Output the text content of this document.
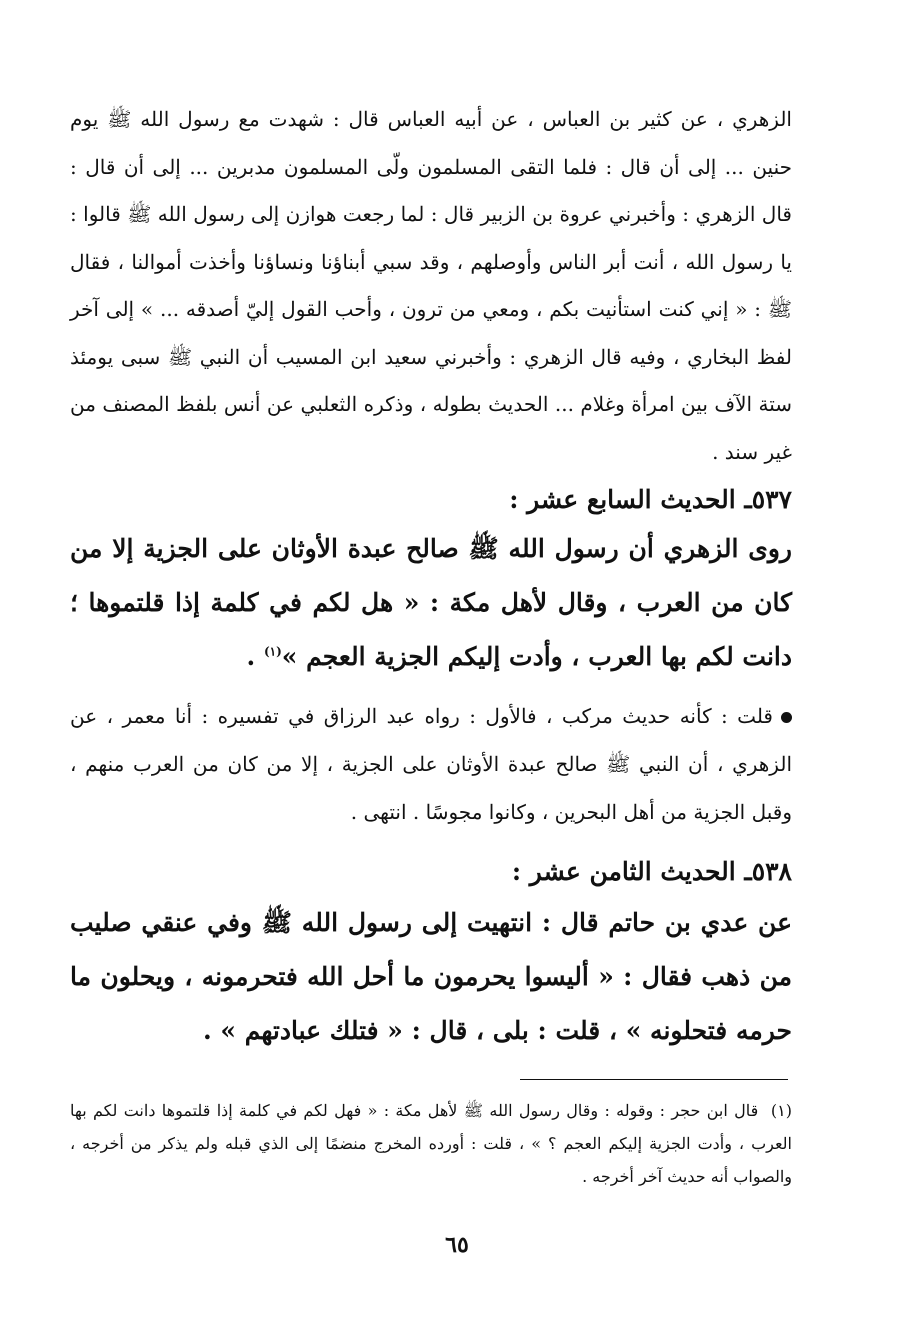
الزهري ، عن كثير بن العباس ، عن أبيه العباس قال : شهدت مع رسول الله ﷺ يوم حنين ... إلى أن قال : فلما التقى المسلمون ولّى المسلمون مدبرين ... إلى أن قال : قال الزهري : وأخبرني عروة بن الزبير قال : لما رجعت هوازن إلى رسول الله ﷺ قالوا : يا رسول الله ، أنت أبر الناس وأوصلهم ، وقد سبي أبناؤنا ونساؤنا وأخذت أموالنا ، فقال ﷺ : « إني كنت استأنيت بكم ، ومعي من ترون ، وأحب القول إليّ أصدقه ... » إلى آخر لفظ البخاري ، وفيه قال الزهري : وأخبرني سعيد ابن المسيب أن النبي ﷺ سبى يومئذ ستة الآف بين امرأة وغلام ... الحديث بطوله ، وذكره الثعلبي عن أنس بلفظ المصنف من غير سند .
٥٣٧ـ الحديث السابع عشر :
روى الزهري أن رسول الله ﷺ صالح عبدة الأوثان على الجزية إلا من كان من العرب ، وقال لأهل مكة : « هل لكم في كلمة إذا قلتموها ؛ دانت لكم بها العرب ، وأدت إليكم الجزية العجم »$^{(١)}$ .
قلت : كأنه حديث مركب ، فالأول : رواه عبد الرزاق في تفسيره : أنا معمر ، عن الزهري ، أن النبي ﷺ صالح عبدة الأوثان على الجزية ، إلا من كان من العرب منهم ، وقبل الجزية من أهل البحرين ، وكانوا مجوسًا . انتهى .
٥٣٨ـ الحديث الثامن عشر :
عن عدي بن حاتم قال : انتهيت إلى رسول الله ﷺ وفي عنقي صليب من ذهب فقال : « أليسوا يحرمون ما أحل الله فتحرمونه ، ويحلون ما حرمه فتحلونه » ، قلت : بلى ، قال : « فتلك عبادتهم » .
(١)  قال ابن حجر : وقوله : وقال رسول الله ﷺ لأهل مكة : « فهل لكم في كلمة إذا قلتموها دانت لكم بها العرب ، وأدت الجزية إليكم العجم ؟ » ، قلت : أورده المخرج منضمًا إلى الذي قبله ولم يذكر من أخرجه ، والصواب أنه حديث آخر أخرجه .
٦٥
